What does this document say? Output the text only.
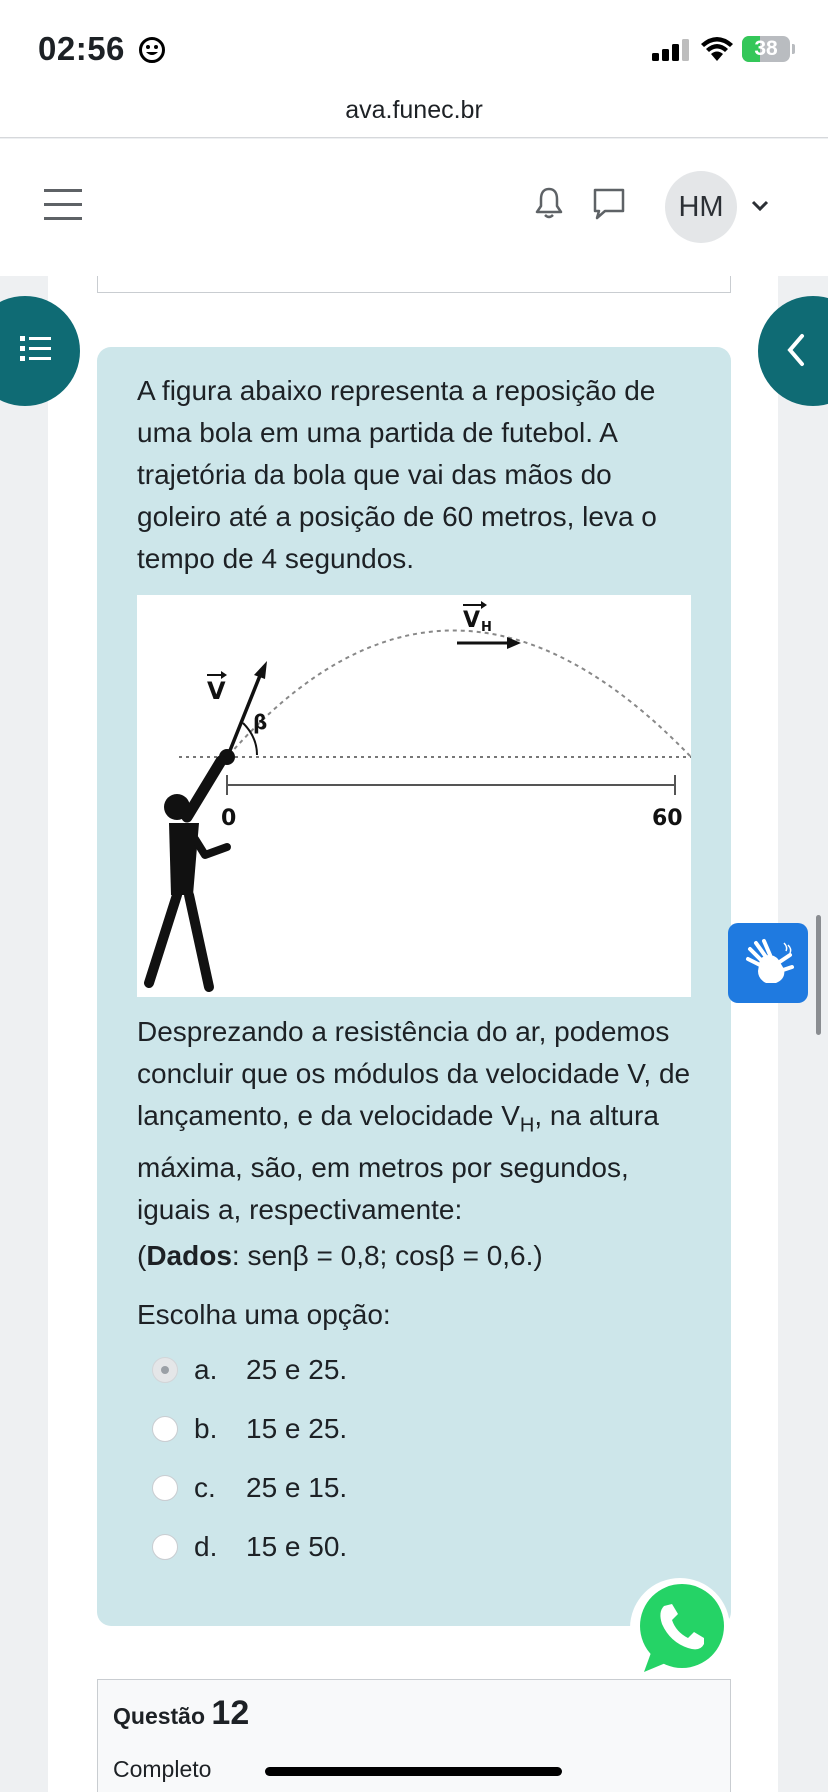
02:56	38
ava.funec.br
HM
A figura abaixo representa a reposição de uma bola em uma partida de futebol. A trajetória da bola que vai das mãos do goleiro até a posição de 60 metros, leva o tempo de 4 segundos.
V
β
V H
0	60
Desprezando a resistência do ar, podemos concluir que os módulos da velocidade V, de lançamento, e da velocidade $V_H$, na altura máxima, são, em metros por segundos, iguais a, respectivamente:
(Dados: senβ = 0,8; cosβ = 0,6.)
Escolha uma opção:
a. 25 e 25.
b. 15 e 25.
c. 25 e 15.
d. 15 e 50.
Questão 12
Completo
